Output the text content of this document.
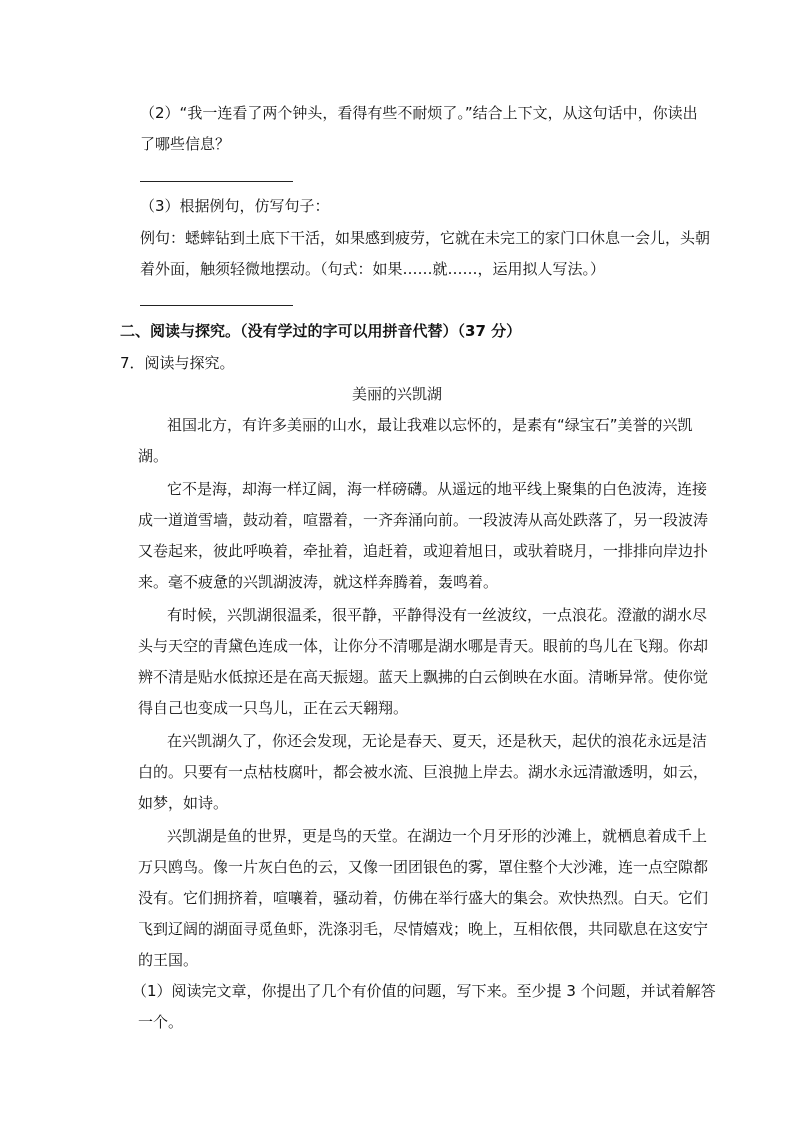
（2）“我一连看了两个钟头，看得有些不耐烦了。”结合上下文，从这句话中，你读出
了哪些信息？
（3）根据例句，仿写句子：
例句：蟋蟀钻到土底下干活，如果感到疲劳，它就在未完工的家门口休息一会儿，头朝
着外面，触须轻微地摆动。（句式：如果……就……，运用拟人写法。）
二、阅读与探究。（没有学过的字可以用拼音代替）（37 分）
7．阅读与探究。
美丽的兴凯湖
祖国北方，有许多美丽的山水，最让我难以忘怀的，是素有“绿宝石”美誉的兴凯
湖。
它不是海，却海一样辽阔，海一样磅礴。从遥远的地平线上聚集的白色波涛，连接
成一道道雪墙，鼓动着，喧嚣着，一齐奔涌向前。一段波涛从高处跌落了，另一段波涛
又卷起来，彼此呼唤着，牵扯着，追赶着，或迎着旭日，或驮着晓月，一排排向岸边扑
来。毫不疲惫的兴凯湖波涛，就这样奔腾着，轰鸣着。
有时候，兴凯湖很温柔，很平静，平静得没有一丝波纹，一点浪花。澄澈的湖水尽
头与天空的青黛色连成一体，让你分不清哪是湖水哪是青天。眼前的鸟儿在飞翔。你却
辨不清是贴水低掠还是在高天振翅。蓝天上飘拂的白云倒映在水面。清晰异常。使你觉
得自己也变成一只鸟儿，正在云天翱翔。
在兴凯湖久了，你还会发现，无论是春天、夏天，还是秋天，起伏的浪花永远是洁
白的。只要有一点枯枝腐叶，都会被水流、巨浪抛上岸去。湖水永远清澈透明，如云，
如梦，如诗。
兴凯湖是鱼的世界，更是鸟的天堂。在湖边一个月牙形的沙滩上，就栖息着成千上
万只鸥鸟。像一片灰白色的云，又像一团团银色的雾，罩住整个大沙滩，连一点空隙都
没有。它们拥挤着，喧嚷着，骚动着，仿佛在举行盛大的集会。欢快热烈。白天。它们
飞到辽阔的湖面寻觅鱼虾，洗涤羽毛，尽情嬉戏；晚上，互相依偎，共同歇息在这安宁
的王国。
（1）阅读完文章，你提出了几个有价值的问题，写下来。至少提 3 个问题，并试着解答
一个。
